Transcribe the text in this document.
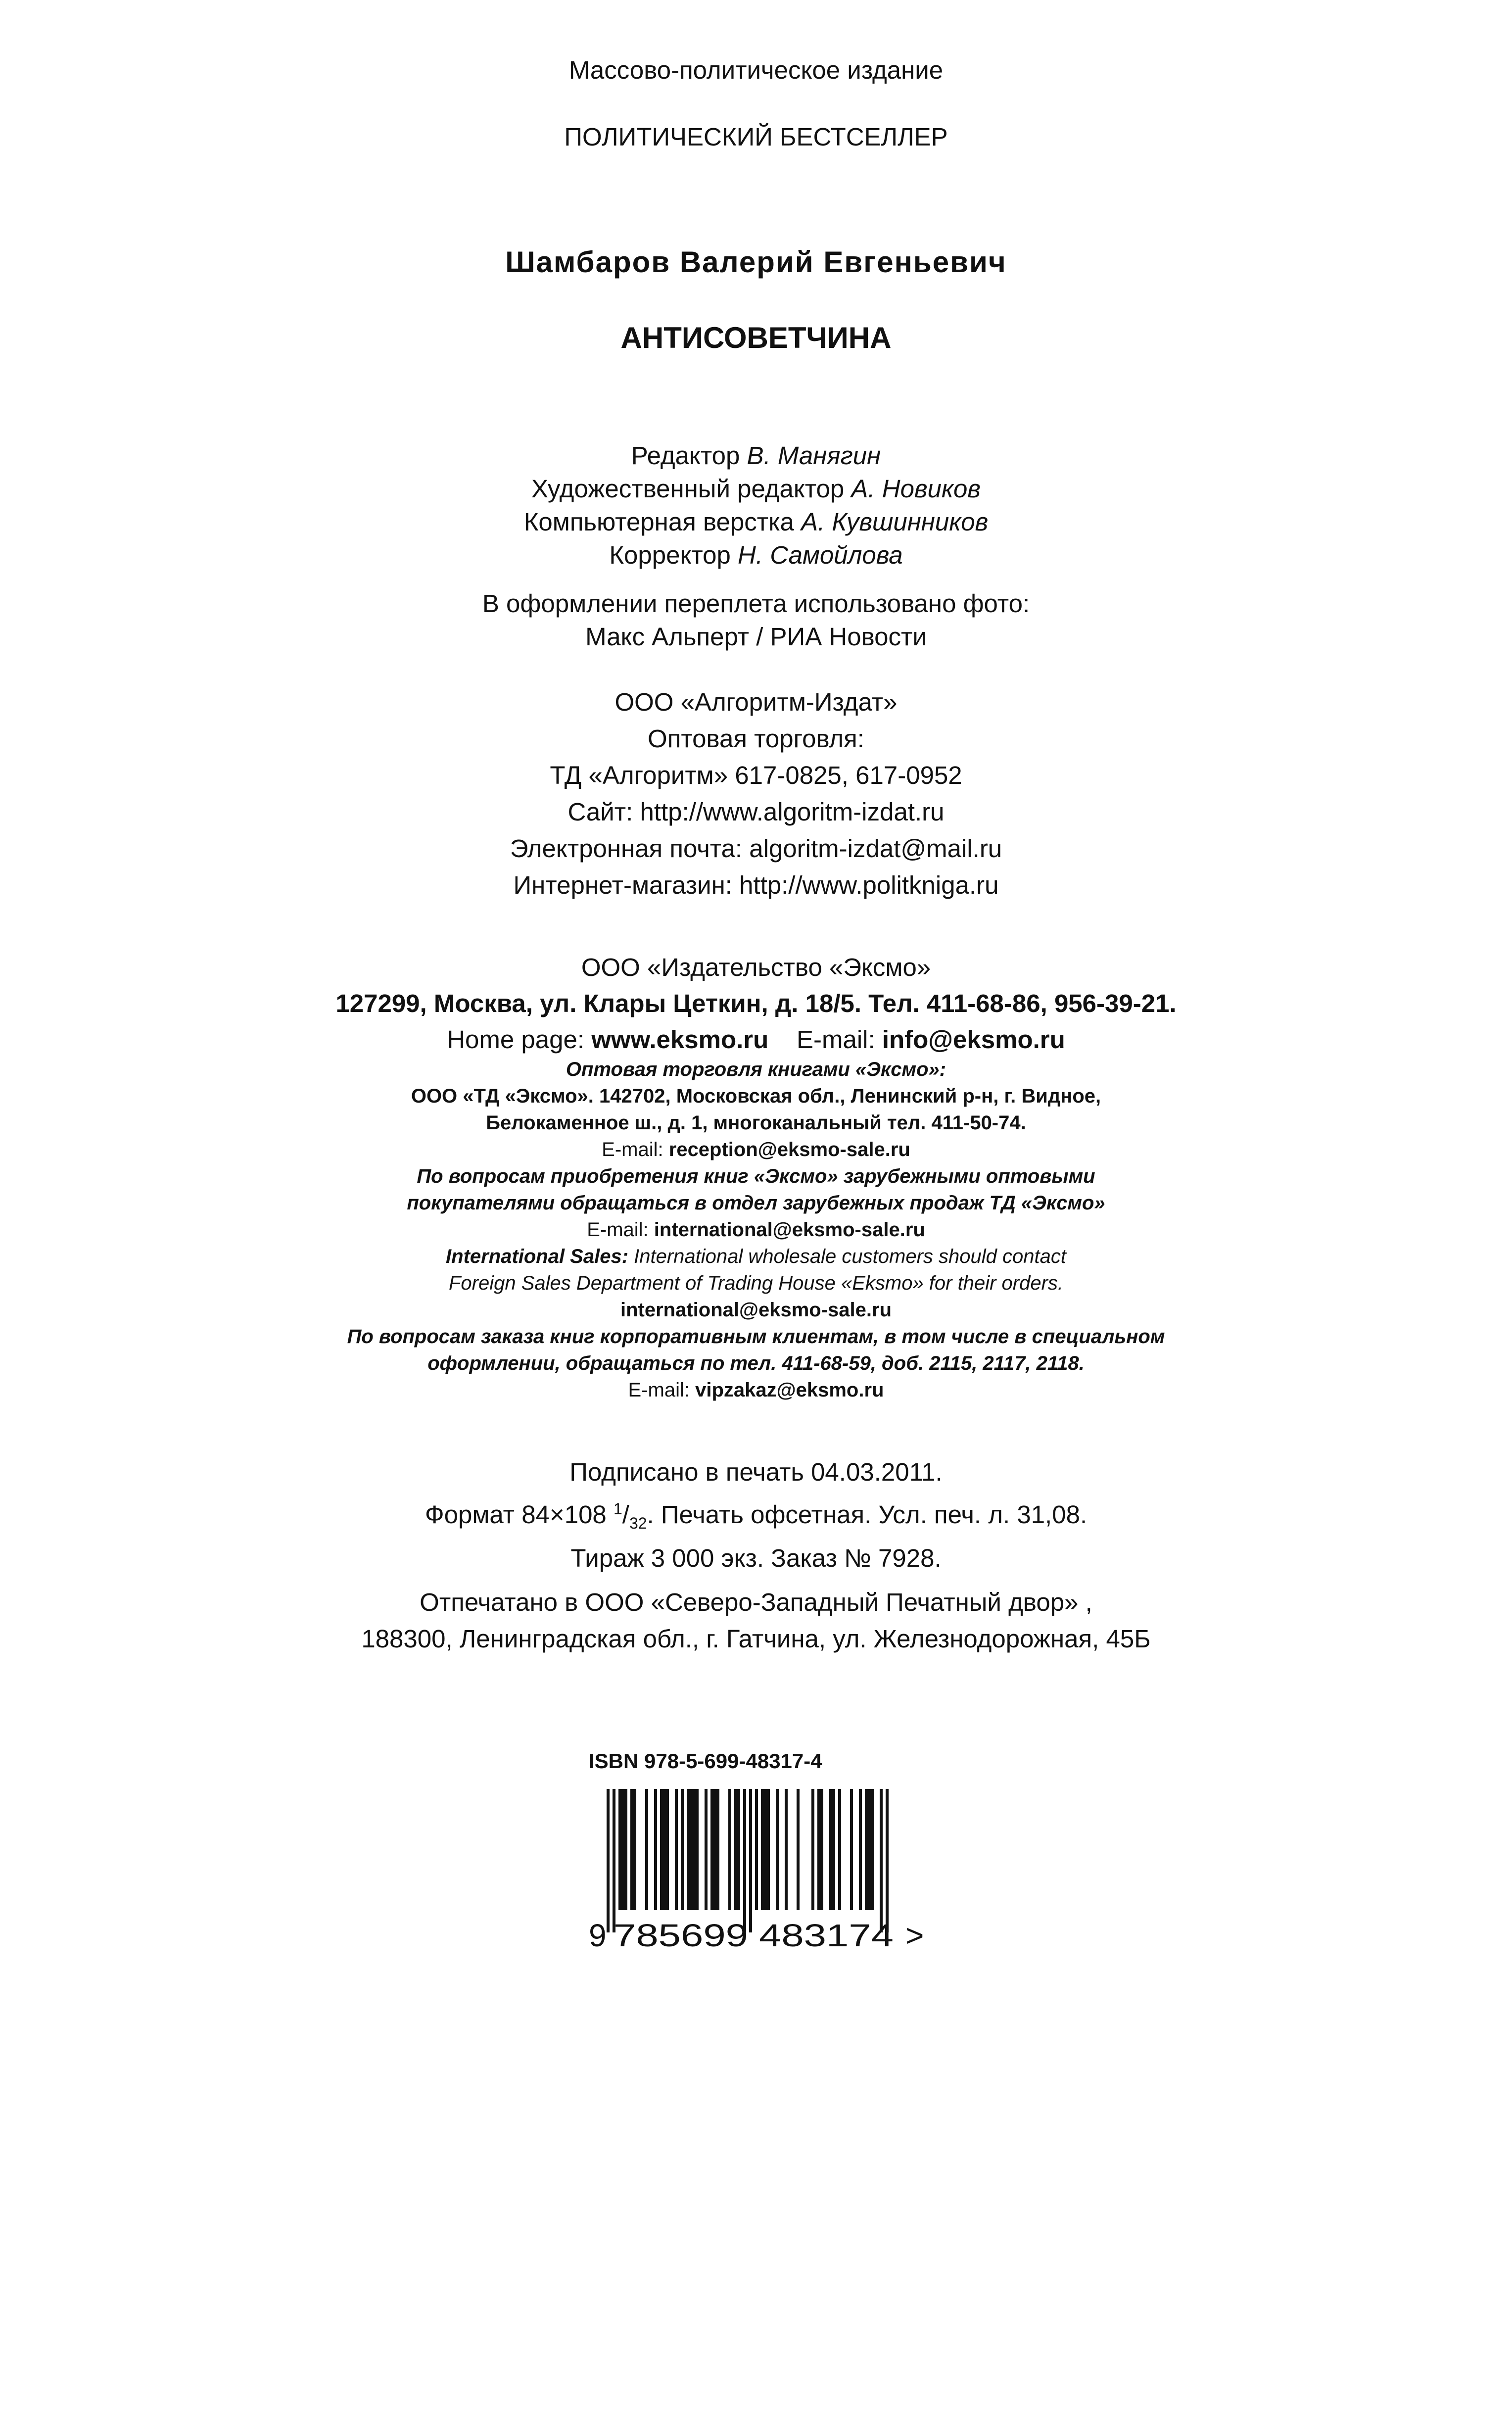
Массово-политическое издание
ПОЛИТИЧЕСКИЙ БЕСТСЕЛЛЕР
Шамбаров Валерий Евгеньевич
АНТИСОВЕТЧИНА
Редактор В. Манягин
Художественный редактор А. Новиков
Компьютерная верстка А. Кувшинников
Корректор Н. Самойлова
В оформлении переплета использовано фото:
Макс Альперт / РИА Новости
ООО «Алгоритм-Издат»
Оптовая торговля:
ТД «Алгоритм» 617-0825, 617-0952
Сайт: http://www.algoritm-izdat.ru
Электронная почта: algoritm-izdat@mail.ru
Интернет-магазин: http://www.politkniga.ru
ООО «Издательство «Эксмо»
127299, Москва, ул. Клары Цеткин, д. 18/5. Тел. 411-68-86, 956-39-21.
Home page: www.eksmo.ru E-mail: info@eksmo.ru
Оптовая торговля книгами «Эксмо»:
ООО «ТД «Эксмо». 142702, Московская обл., Ленинский р-н, г. Видное,
Белокаменное ш., д. 1, многоканальный тел. 411-50-74.
E-mail: reception@eksmo-sale.ru
По вопросам приобретения книг «Эксмо» зарубежными оптовыми
покупателями обращаться в отдел зарубежных продаж ТД «Эксмо»
E-mail: international@eksmo-sale.ru
International Sales: International wholesale customers should contact
Foreign Sales Department of Trading House «Eksmo» for their orders.
international@eksmo-sale.ru
По вопросам заказа книг корпоративным клиентам, в том числе в специальном
оформлении, обращаться по тел. 411-68-59, доб. 2115, 2117, 2118.
E-mail: vipzakaz@eksmo.ru
Подписано в печать 04.03.2011.
Формат 84×108 $^1/_{32}$. Печать офсетная. Усл. печ. л. 31,08.
Тираж 3 000 экз. Заказ № 7928.
Отпечатано в ООО «Северо-Западный Печатный двор» ,
188300, Ленинградская обл., г. Гатчина, ул. Железнодорожная, 45Б
ISBN 978-5-699-48317-4
9 785699 483174 >
